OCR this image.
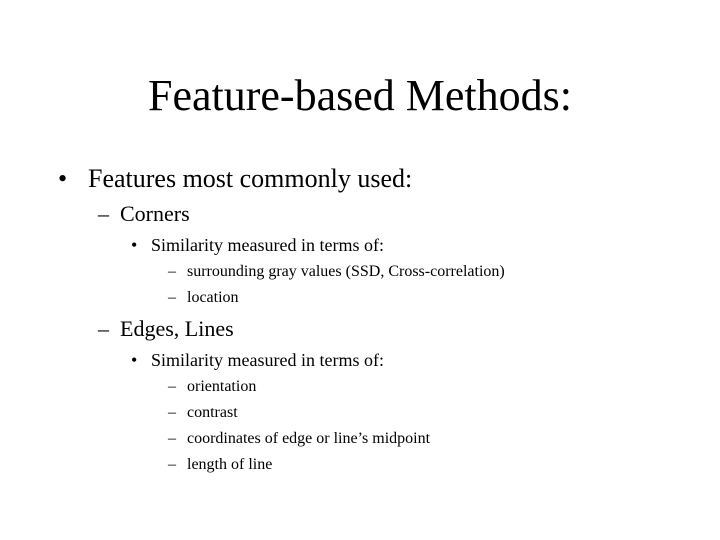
Feature-based Methods:
• Features most commonly used:
– Corners
• Similarity measured in terms of:
– surrounding gray values (SSD, Cross-correlation)
– location
– Edges, Lines
• Similarity measured in terms of:
– orientation
– contrast
– coordinates of edge or line’s midpoint
– length of line
